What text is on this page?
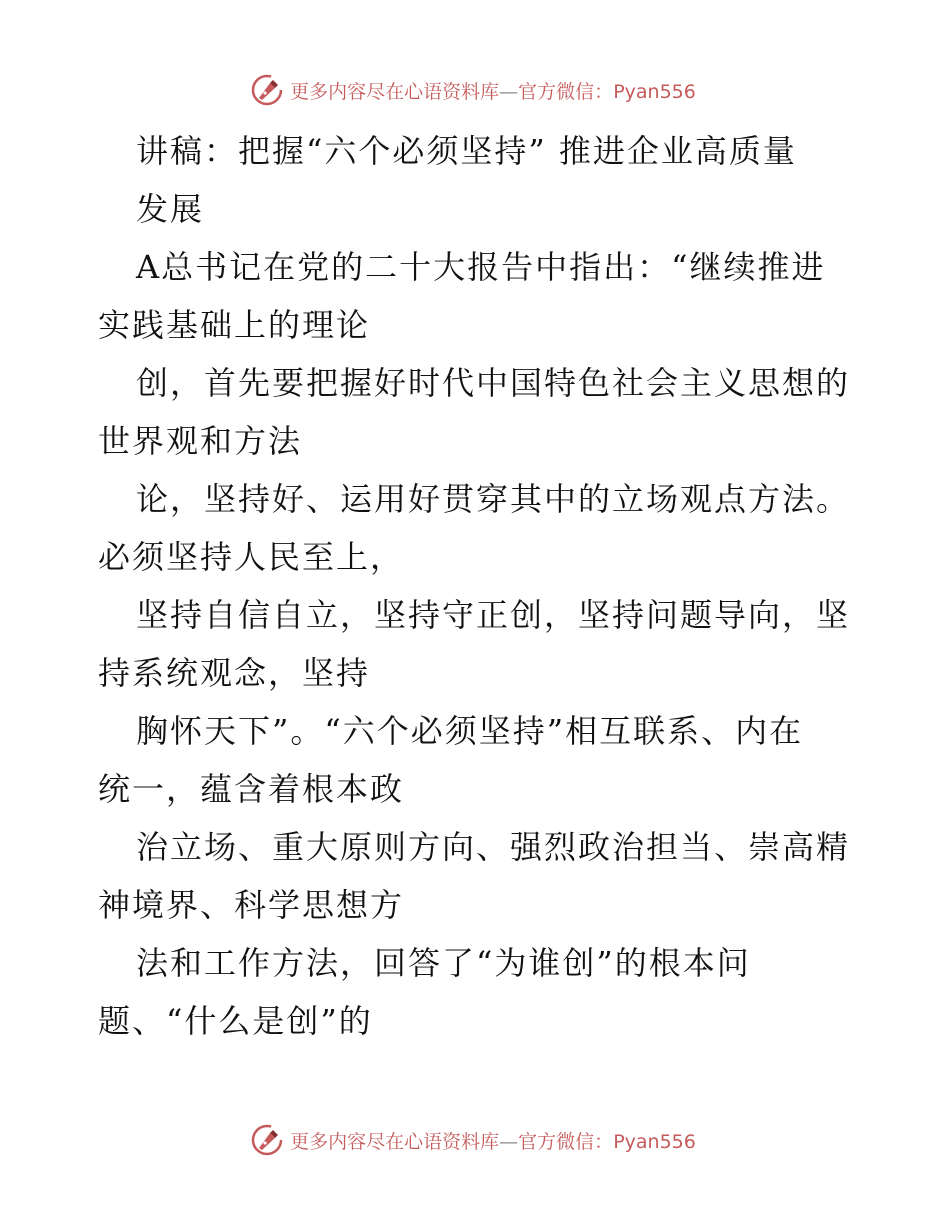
更多内容尽在心语资料库—官方微信：Pyan556
讲稿：把握“六个必须坚持” 推进企业高质量
发展
A总书记在党的二十大报告中指出：“继续推进
实践基础上的理论
创，首先要把握好时代中国特色社会主义思想的
世界观和方法
论，坚持好、运用好贯穿其中的立场观点方法。
必须坚持人民至上，
坚持自信自立，坚持守正创，坚持问题导向，坚
持系统观念，坚持
胸怀天下”。“六个必须坚持”相互联系、内在
统一，蕴含着根本政
治立场、重大原则方向、强烈政治担当、崇高精
神境界、科学思想方
法和工作方法，回答了“为谁创”的根本问
题、“什么是创”的
更多内容尽在心语资料库—官方微信：Pyan556
